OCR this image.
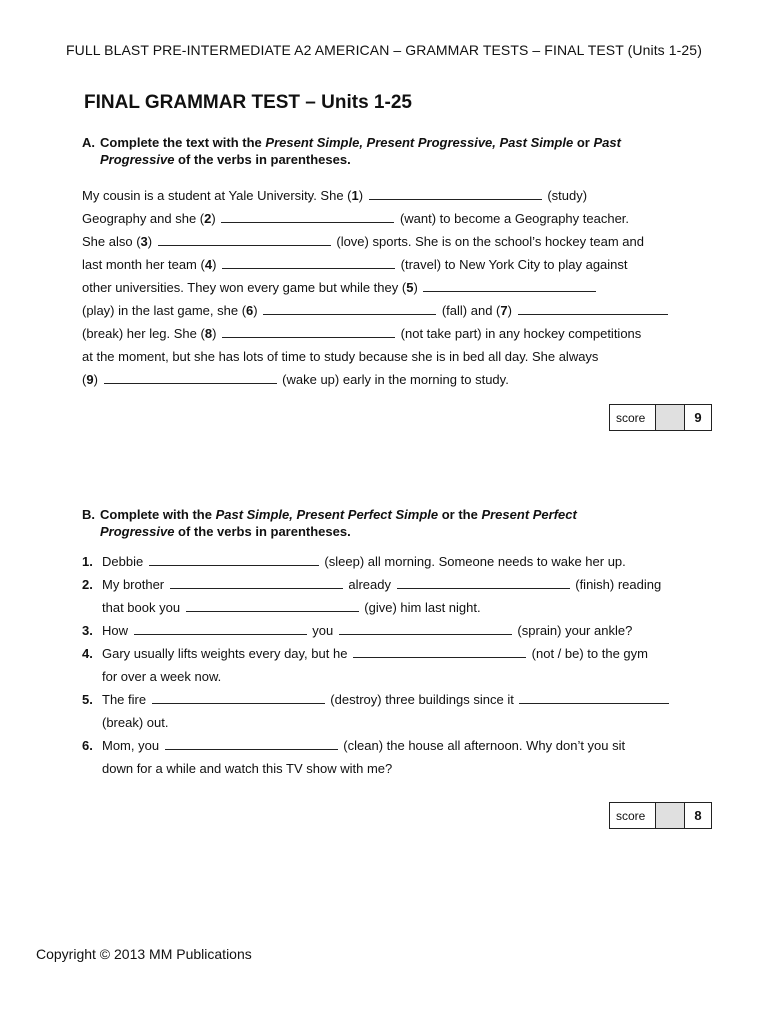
FULL BLAST PRE-INTERMEDIATE A2 AMERICAN – GRAMMAR TESTS – FINAL TEST (Units 1-25)
FINAL GRAMMAR TEST – Units 1-25
A. Complete the text with the Present Simple, Present Progressive, Past Simple or Past
Progressive of the verbs in parentheses.
My cousin is a student at Yale University. She (1)	(study)
Geography and she (2)	(want) to become a Geography teacher.
She also (3)	(love) sports. She is on the school’s hockey team and
last month her team (4)	(travel) to New York City to play against
other universities. They won every game but while they (5)
(play) in the last game, she (6)	(fall) and (7)
(break) her leg. She (8)	(not take part) in any hockey competitions
at the moment, but she has lots of time to study because she is in bed all day. She always
(9)	(wake up) early in the morning to study.
score	9
B. Complete with the Past Simple, Present Perfect Simple or the Present Perfect
Progressive of the verbs in parentheses.
1. Debbie	(sleep) all morning. Someone needs to wake her up.
2. My brother	already	(finish) reading
that book you	(give) him last night.
3. How	you	(sprain) your ankle?
4. Gary usually lifts weights every day, but he	(not / be) to the gym
for over a week now.
5. The fire	(destroy) three buildings since it
(break) out.
6. Mom, you	(clean) the house all afternoon. Why don’t you sit
down for a while and watch this TV show with me?
score	8
Copyright © 2013 MM Publications
